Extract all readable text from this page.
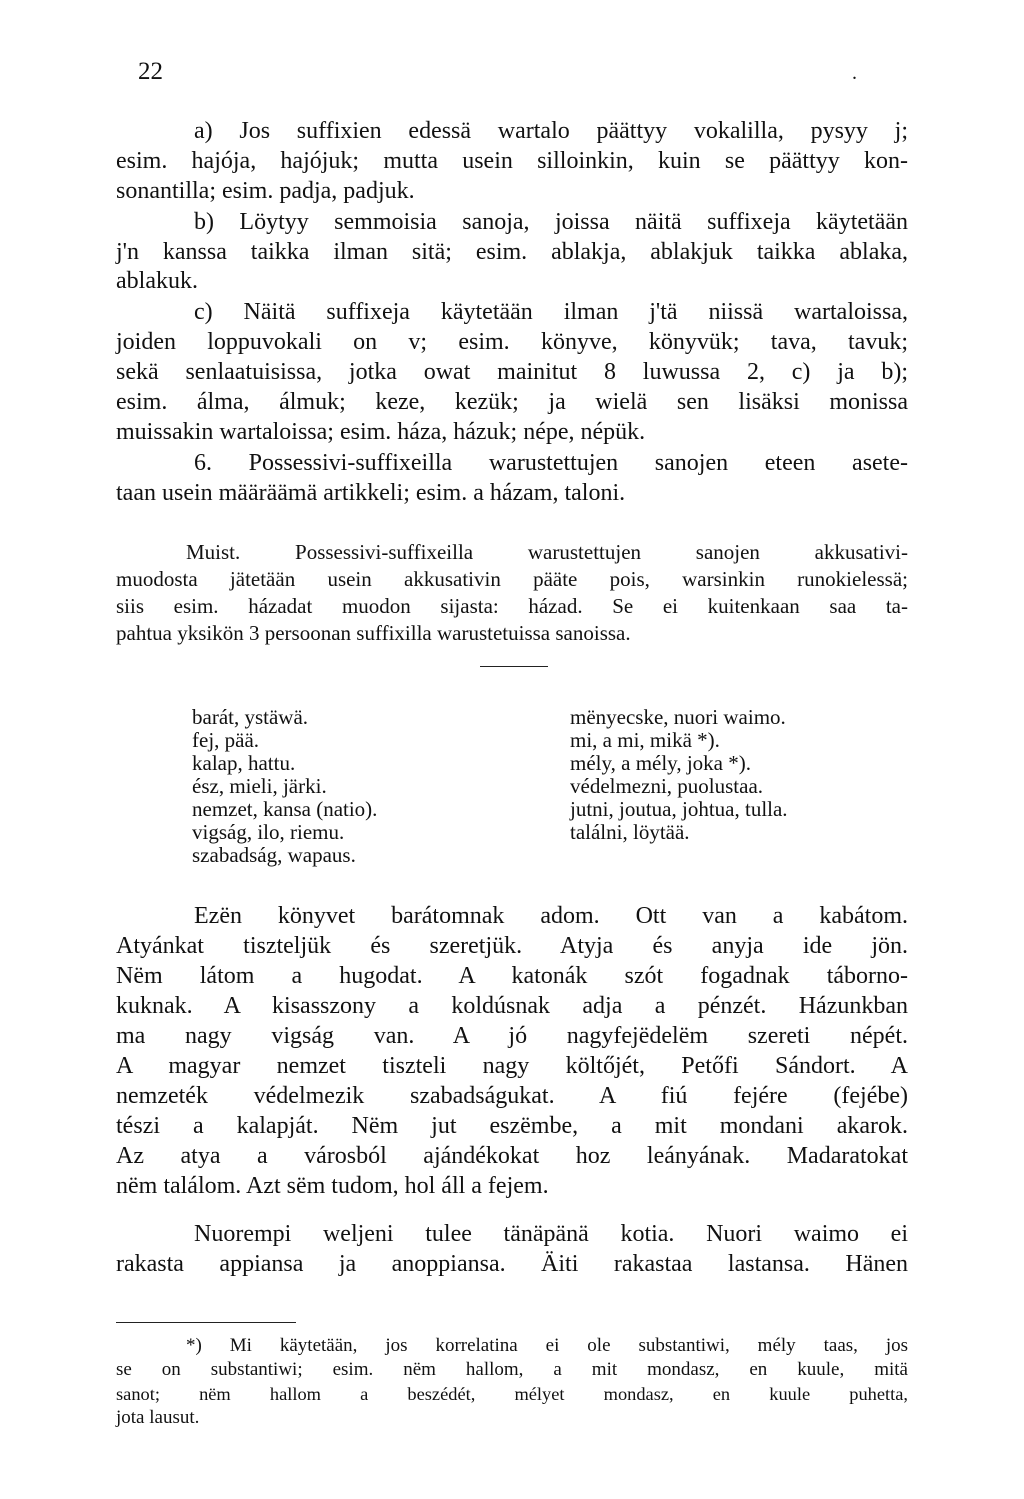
22	.
a) Jos suffixien edessä wartalo päättyy vokalilla, pysyy j;
esim. hajója, hajójuk; mutta usein silloinkin, kuin se päättyy kon-
sonantilla; esim. padja, padjuk.
b) Löytyy semmoisia sanoja, joissa näitä suffixeja käytetään
j'n kanssa taikka ilman sitä; esim. ablakja, ablakjuk taikka ablaka,
ablakuk.
c) Näitä suffixeja käytetään ilman j'tä niissä wartaloissa,
joiden loppuvokali on v; esim. könyve, könyvük; tava, tavuk;
sekä senlaatuisissa, jotka owat mainitut 8 luwussa 2, c) ja b);
esim. álma, álmuk; keze, kezük; ja wielä sen lisäksi monissa
muissakin wartaloissa; esim. háza, házuk; népe, népük.
6. Possessivi-suffixeilla warustettujen sanojen eteen asete-
taan usein määräämä artikkeli; esim. a házam, taloni.
Muist. Possessivi-suffixeilla warustettujen sanojen akkusativi-
muodosta jätetään usein akkusativin pääte pois, warsinkin runokielessä;
siis esim. házadat muodon sijasta: házad. Se ei kuitenkaan saa ta-
pahtua yksikön 3 persoonan suffixilla warustetuissa sanoissa.
barát, ystäwä.
fej, pää.
kalap, hattu.
ész, mieli, järki.
nemzet, kansa (natio).
vigság, ilo, riemu.
szabadság, wapaus.
mënyecske, nuori waimo.
mi, a mi, mikä *).
mély, a mély, joka *).
védelmezni, puolustaa.
jutni, joutua, johtua, tulla.
találni, löytää.
Ezën könyvet barátomnak adom. Ott van a kabátom.
Atyánkat tiszteljük és szeretjük. Atyja és anyja ide jön.
Nëm látom a hugodat. A katonák szót fogadnak táborno-
kuknak. A kisasszony a koldúsnak adja a pénzét. Házunkban
ma nagy vigság van. A jó nagyfejëdelëm szereti népét.
A magyar nemzet tiszteli nagy költőjét, Petőfi Sándort. A
nemzeték védelmezik szabadságukat. A fiú fejére (fejébe)
tészi a kalapját. Nëm jut eszëmbe, a mit mondani akarok.
Az atya a városból ajándékokat hoz leányának. Madaratokat
nëm találom. Azt sëm tudom, hol áll a fejem.
Nuorempi weljeni tulee tänäpänä kotia. Nuori waimo ei
rakasta appiansa ja anoppiansa. Äiti rakastaa lastansa. Hänen
*) Mi käytetään, jos korrelatina ei ole substantiwi, mély taas, jos
se on substantiwi; esim. nëm hallom, a mit mondasz, en kuule, mitä
sanot; nëm hallom a beszédét, mélyet mondasz, en kuule puhetta,
jota lausut.
